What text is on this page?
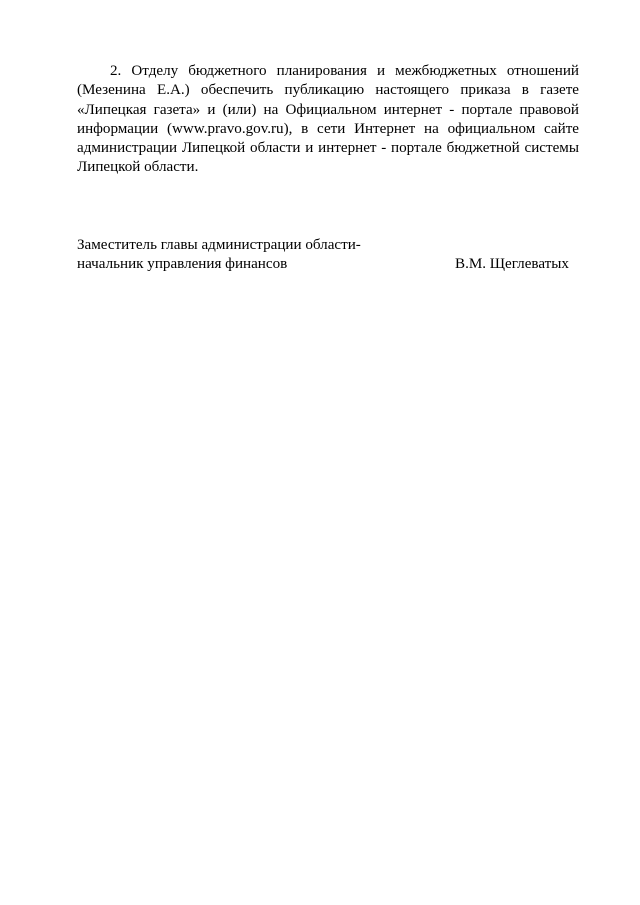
2. Отделу бюджетного планирования и межбюджетных отношений
(Мезенина Е.А.) обеспечить публикацию настоящего приказа в газете
«Липецкая газета» и (или) на Официальном интернет - портале правовой
информации (www.pravo.gov.ru), в сети Интернет на официальном сайте
администрации Липецкой области и интернет - портале бюджетной системы
Липецкой области.
Заместитель главы администрации области-
начальник управления финансов	В.М. Щеглеватых
